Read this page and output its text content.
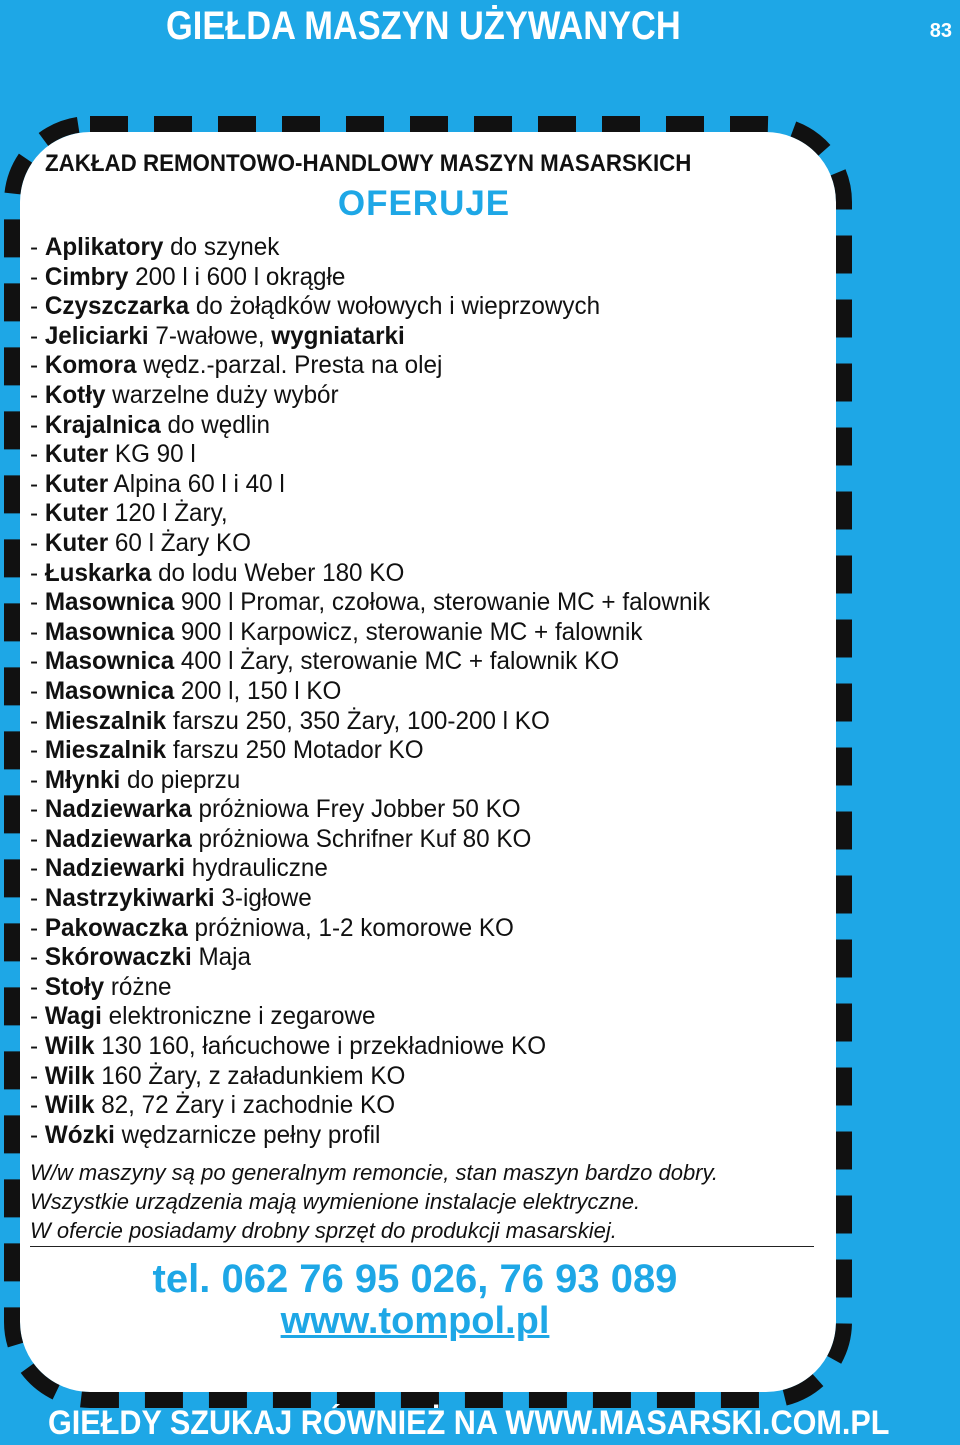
GIEŁDA MASZYN UŻYWANYCH	83
ZAKŁAD REMONTOWO-HANDLOWY MASZYN MASARSKICH
OFERUJE
- Aplikatory do szynek
- Cimbry 200 l i 600 l okrągłe
- Czyszczarka do żołądków wołowych i wieprzowych
- Jeliciarki 7-wałowe, wygniatarki
- Komora wędz.-parzal. Presta na olej
- Kotły warzelne duży wybór
- Krajalnica do wędlin
- Kuter KG 90 l
- Kuter Alpina 60 l i 40 l
- Kuter 120 l Żary,
- Kuter 60 l Żary KO
- Łuskarka do lodu Weber 180 KO
- Masownica 900 l Promar, czołowa, sterowanie MC + falownik
- Masownica 900 l Karpowicz, sterowanie MC + falownik
- Masownica 400 l Żary, sterowanie MC + falownik KO
- Masownica 200 l, 150 l KO
- Mieszalnik farszu 250, 350 Żary, 100-200 l KO
- Mieszalnik farszu 250 Motador KO
- Młynki do pieprzu
- Nadziewarka próżniowa Frey Jobber 50 KO
- Nadziewarka próżniowa Schrifner Kuf 80 KO
- Nadziewarki hydrauliczne
- Nastrzykiwarki 3-igłowe
- Pakowaczka próżniowa, 1-2 komorowe KO
- Skórowaczki Maja
- Stoły różne
- Wagi elektroniczne i zegarowe
- Wilk 130 160, łańcuchowe i przekładniowe KO
- Wilk 160 Żary, z załadunkiem KO
- Wilk 82, 72 Żary i zachodnie KO
- Wózki wędzarnicze pełny profil
W/w maszyny są po generalnym remoncie, stan maszyn bardzo dobry.
Wszystkie urządzenia mają wymienione instalacje elektryczne.
W ofercie posiadamy drobny sprzęt do produkcji masarskiej.
tel. 062 76 95 026, 76 93 089
www.tompol.pl
GIEŁDY SZUKAJ RÓWNIEŻ NA WWW.MASARSKI.COM.PL
